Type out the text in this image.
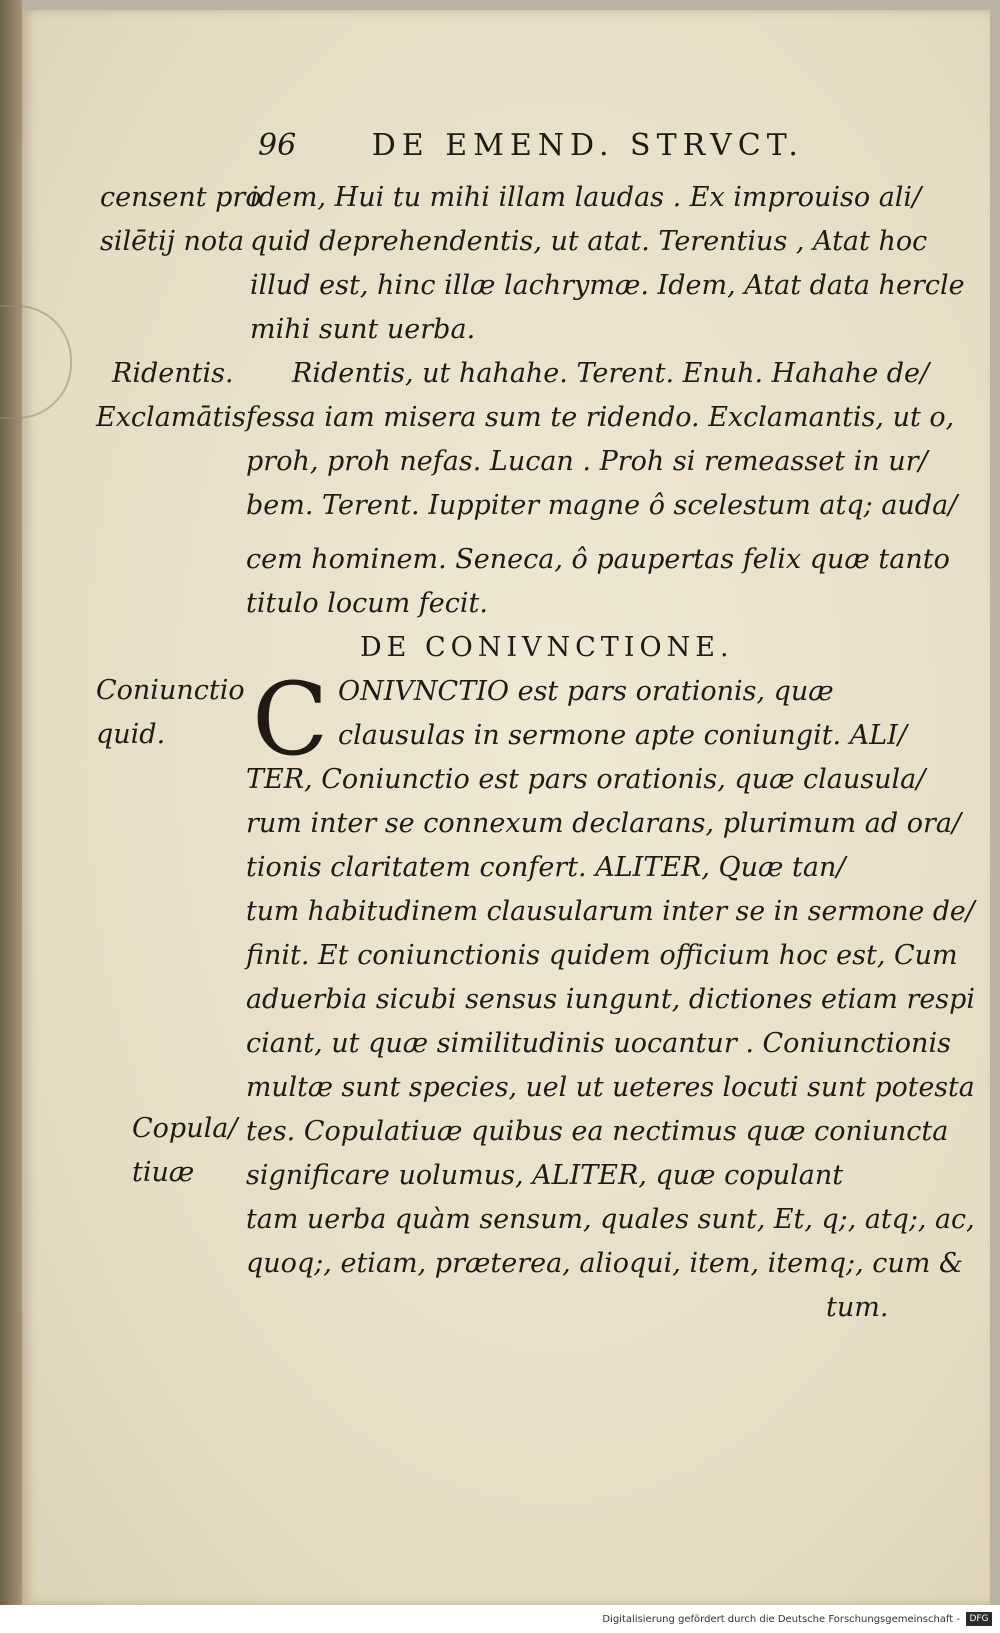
96	DE EMEND. STRVCT.
censent pro
silētij nota
Ridentis.
Exclamātis
Coniunctio
quid.
Copula/
tiuæ
idem, Hui tu mihi illam laudas . Ex improuiso ali/
quid deprehendentis, ut atat. Terentius , Atat hoc
illud est, hinc illæ lachrymæ. Idem, Atat data hercle
mihi sunt uerba.
Ridentis, ut hahahe. Terent. Enuh. Hahahe de/
fessa iam misera sum te ridendo. Exclamantis, ut o,
proh, proh nefas. Lucan . Proh si remeasset in ur/
bem. Terent. Iuppiter magne ô scelestum atq; auda/
cem hominem. Seneca, ô paupertas felix quæ tanto
titulo locum fecit.
DE CONIVNCTIONE.
C ONIVNCTIO est pars orationis, quæ
clausulas in sermone apte coniungit. ALI/
TER, Coniunctio est pars orationis, quæ clausula/
rum inter se connexum declarans, plurimum ad ora/
tionis claritatem confert. ALITER, Quæ tan/
tum habitudinem clausularum inter se in sermone de/
finit. Et coniunctionis quidem officium hoc est, Cum
aduerbia sicubi sensus iungunt, dictiones etiam respi
ciant, ut quæ similitudinis uocantur . Coniunctionis
multæ sunt species, uel ut ueteres locuti sunt potesta
tes. Copulatiuæ quibus ea nectimus quæ coniuncta
significare uolumus, ALITER, quæ copulant
tam uerba quàm sensum, quales sunt, Et, q;, atq;, ac,
quoq;, etiam, præterea, alioqui, item, itemq;, cum &
tum.
Digitalisierung gefördert durch die Deutsche Forschungsgemeinschaft -	DFG
